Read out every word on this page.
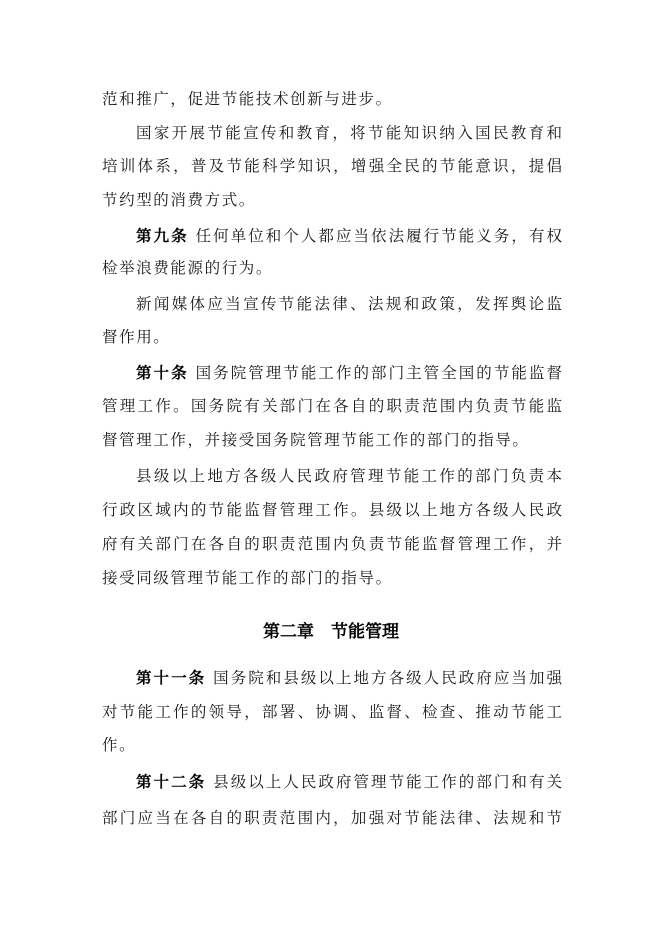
范和推广，促进节能技术创新与进步。
国家开展节能宣传和教育，将节能知识纳入国民教育和
培训体系，普及节能科学知识，增强全民的节能意识，提倡
节约型的消费方式。
第九条 任何单位和个人都应当依法履行节能义务，有权
检举浪费能源的行为。
新闻媒体应当宣传节能法律、法规和政策，发挥舆论监
督作用。
第十条 国务院管理节能工作的部门主管全国的节能监督
管理工作。国务院有关部门在各自的职责范围内负责节能监
督管理工作，并接受国务院管理节能工作的部门的指导。
县级以上地方各级人民政府管理节能工作的部门负责本
行政区域内的节能监督管理工作。县级以上地方各级人民政
府有关部门在各自的职责范围内负责节能监督管理工作，并
接受同级管理节能工作的部门的指导。
第二章　节能管理
第十一条 国务院和县级以上地方各级人民政府应当加强
对节能工作的领导，部署、协调、监督、检查、推动节能工
作。
第十二条 县级以上人民政府管理节能工作的部门和有关
部门应当在各自的职责范围内，加强对节能法律、法规和节
